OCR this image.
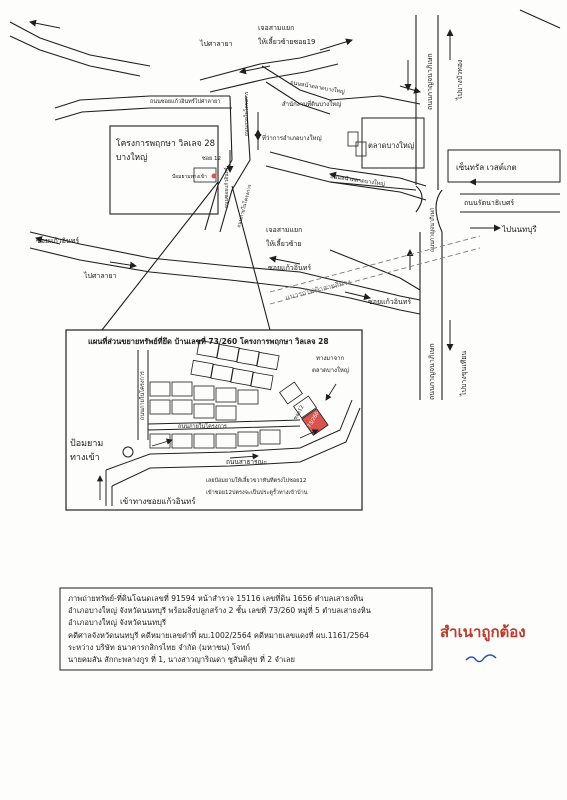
เจอสามแยก
ให้เลี้ยวซ้ายซอย19
ไปศาลายา
ถนนซอยแก้วอินทร์ไปศาลายา	สำนักงานที่ดินบางใหญ่
ที่ว่าการอำเภอบางใหญ่
ตลาดบางใหญ่
เซ็นทรัล เวสต์เกต
ถนนรัตนาธิเบศร์
ไปนนทบุรี
โครงการพฤกษา วิลเลจ 28
บางใหญ่	ซอย 12
ป้อมยามทางเข้า
เจอสามแยก
ให้เลี้ยวซ้าย
ซอยแก้วอินทร์
ซอยแก้วอินทร์
ซอยแก้วอินทร์
ไปศาลายา
แนวรถไฟฟ้าสายสีม่วง
ถนนหน้าตลาดบางใหญ่
ถนนหน้าตลาดบางใหญ่
ถนนภายในโครงการ
ถนนภายในโครงการ
ถนนกาญจนาภิเษก	ไปบางบัวทอง
ถนนกาญจนาภิเษก	ไปบางขุนเทียน
ถนนกาญจนาภิเษก
ถนนซอยแก้วอินทร์
แผนที่ส่วนขยายทรัพย์ที่ยึด บ้านเลขที่ 73/260 โครงการพฤกษา วิลเลจ 28
ทางมาจาก
ตลาดบางใหญ่
ป้อมยาม
ทางเข้า
ถนนภายในโครงการ
ถนนภายในโครงการ
ถนนสาธารณะ
เข้าทางซอยแก้วอินทร์
เลยป้อมยามให้เลี้ยวขวาทันทีตรงไปซอย12
เข้าซอย12ปตรงจะเป็นประตูรั้วทางเข้าบ้าน
ซอย12 73/260
ภาพถ่ายทรัพย์-ที่ดินโฉนดเลขที่ 91594 หน้าสำรวจ 15116 เลขที่ดิน 1656 ตำบลเสาธงหิน
อำเภอบางใหญ่ จังหวัดนนทบุรี พร้อมสิ่งปลูกสร้าง 2 ชั้น เลขที่ 73/260 หมู่ที่ 5 ตำบลเสาธงหิน
อำเภอบางใหญ่ จังหวัดนนทบุรี
คดีศาลจังหวัดนนทบุรี คดีหมายเลขดำที่ ผบ.1002/2564 คดีหมายเลขแดงที่ ผบ.1161/2564
ระหว่าง บริษัท ธนาคารกสิกรไทย จำกัด (มหาชน) โจทก์
นายคมสัน สักกะพลางกูร ที่ 1, นางสาวญาริณดา ชูสันติสุข ที่ 2 จำเลย
สำเนาถูกต้อง
